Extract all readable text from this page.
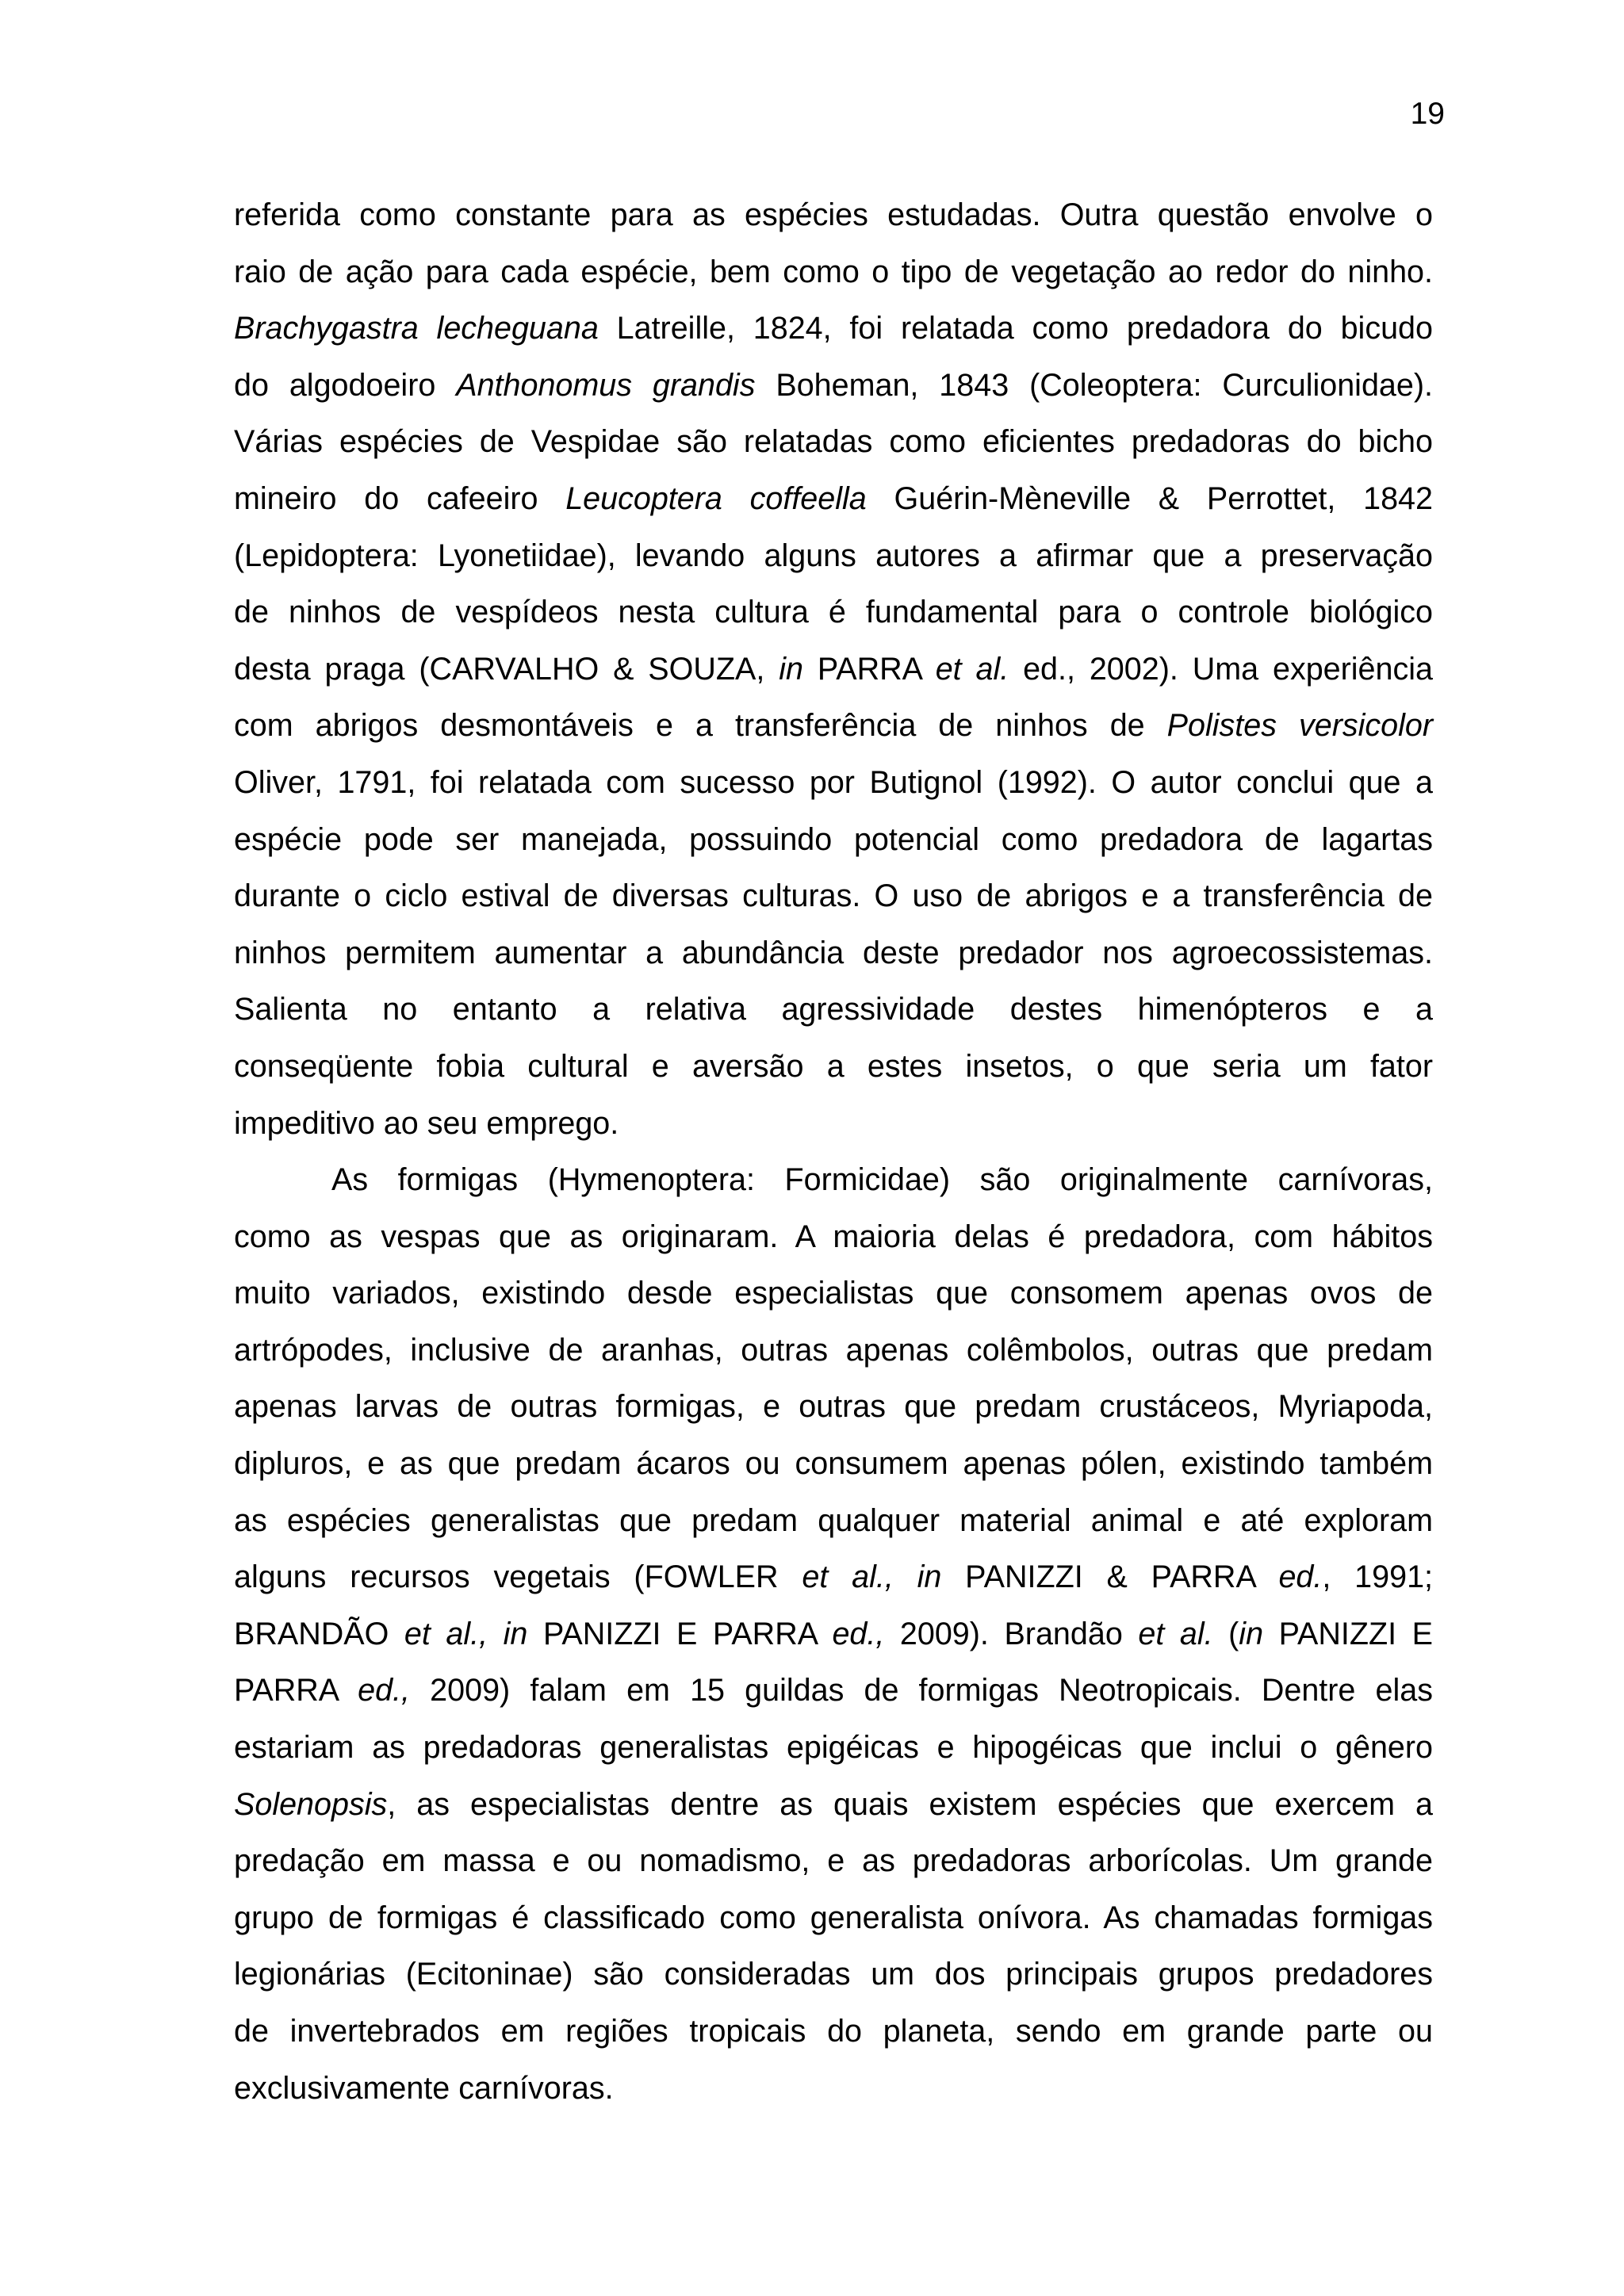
19
referida como constante para as espécies estudadas. Outra questão envolve o
raio de ação para cada espécie, bem como o tipo de vegetação ao redor do ninho.
Brachygastra lecheguana Latreille, 1824, foi relatada como predadora do bicudo
do algodoeiro Anthonomus grandis Boheman, 1843 (Coleoptera: Curculionidae).
Várias espécies de Vespidae são relatadas como eficientes predadoras do bicho
mineiro do cafeeiro Leucoptera coffeella Guérin-Mèneville & Perrottet, 1842
(Lepidoptera: Lyonetiidae), levando alguns autores a afirmar que a preservação
de ninhos de vespídeos nesta cultura é fundamental para o controle biológico
desta praga (CARVALHO & SOUZA, in PARRA et al. ed., 2002). Uma experiência
com abrigos desmontáveis e a transferência de ninhos de Polistes versicolor
Oliver, 1791, foi relatada com sucesso por Butignol (1992). O autor conclui que a
espécie pode ser manejada, possuindo potencial como predadora de lagartas
durante o ciclo estival de diversas culturas. O uso de abrigos e a transferência de
ninhos permitem aumentar a abundância deste predador nos agroecossistemas.
Salienta no entanto a relativa agressividade destes himenópteros e a
conseqüente fobia cultural e aversão a estes insetos, o que seria um fator
impeditivo ao seu emprego.
As formigas (Hymenoptera: Formicidae) são originalmente carnívoras,
como as vespas que as originaram. A maioria delas é predadora, com hábitos
muito variados, existindo desde especialistas que consomem apenas ovos de
artrópodes, inclusive de aranhas, outras apenas colêmbolos, outras que predam
apenas larvas de outras formigas, e outras que predam crustáceos, Myriapoda,
dipluros, e as que predam ácaros ou consumem apenas pólen, existindo também
as espécies generalistas que predam qualquer material animal e até exploram
alguns recursos vegetais (FOWLER et al., in PANIZZI & PARRA ed., 1991;
BRANDÃO et al., in PANIZZI E PARRA ed., 2009). Brandão et al. (in PANIZZI E
PARRA ed., 2009) falam em 15 guildas de formigas Neotropicais. Dentre elas
estariam as predadoras generalistas epigéicas e hipogéicas que inclui o gênero
Solenopsis, as especialistas dentre as quais existem espécies que exercem a
predação em massa e ou nomadismo, e as predadoras arborícolas. Um grande
grupo de formigas é classificado como generalista onívora. As chamadas formigas
legionárias (Ecitoninae) são consideradas um dos principais grupos predadores
de invertebrados em regiões tropicais do planeta, sendo em grande parte ou
exclusivamente carnívoras.
